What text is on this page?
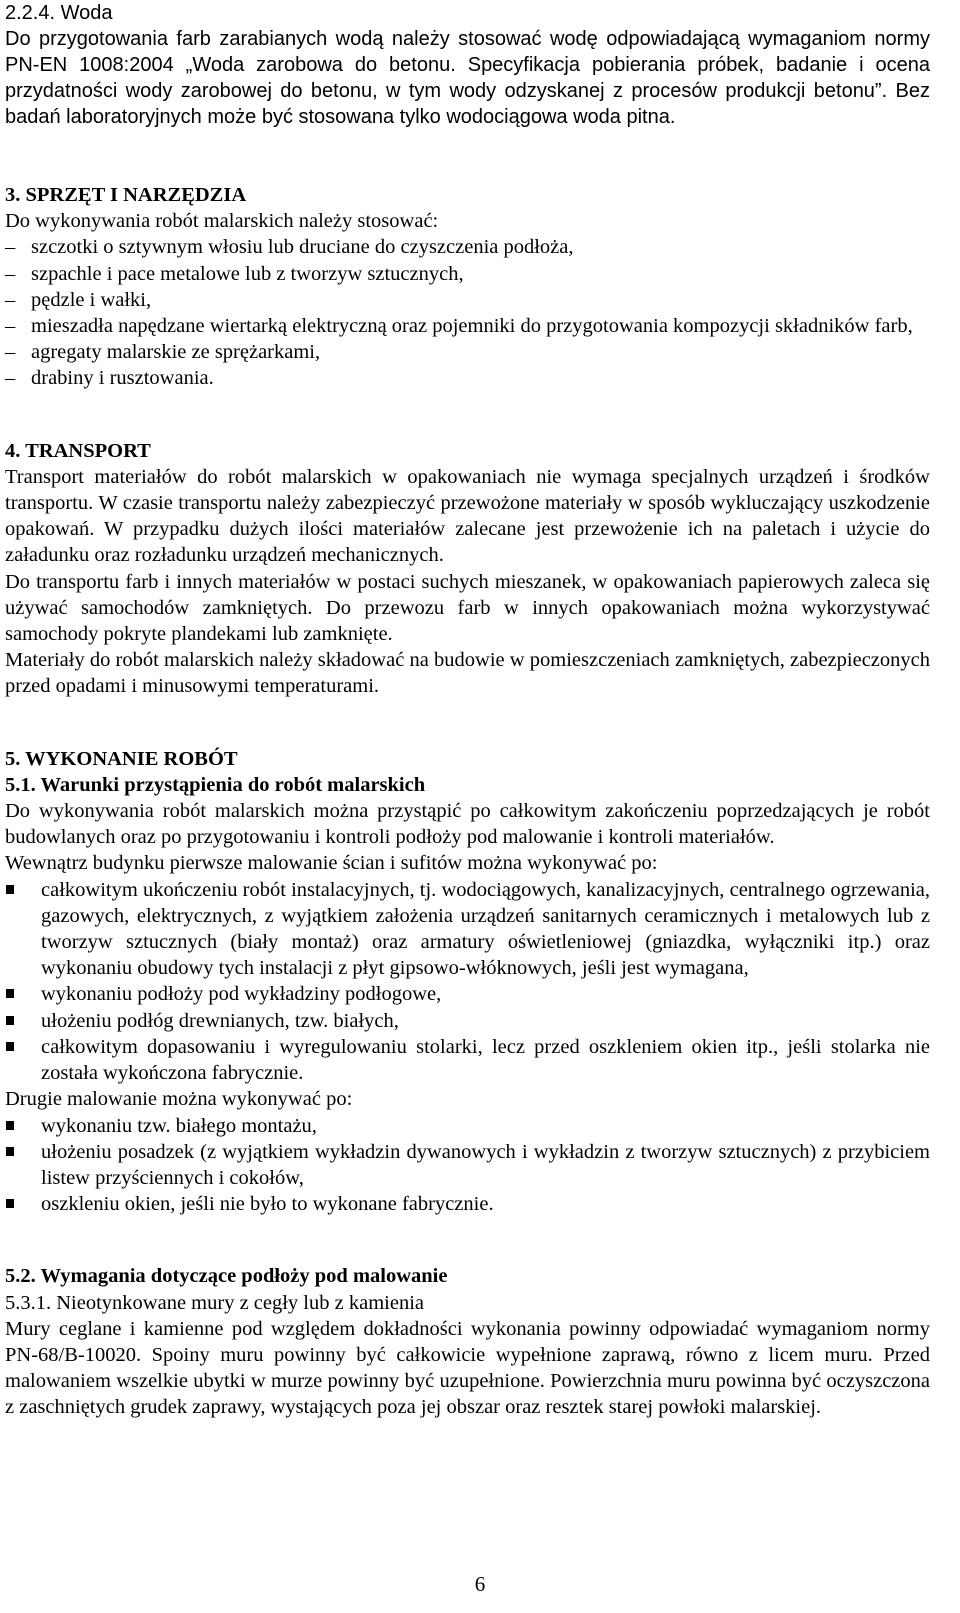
2.2.4. Woda

Do przygotowania farb zarabianych wodą należy stosować wodę odpowiadającą wymaganiom normy PN-EN 1008:2004 „Woda zarobowa do betonu. Specyfikacja pobierania próbek, badanie i ocena przydatności wody zarobowej do betonu, w tym wody odzyskanej z procesów produkcji betonu”. Bez badań laboratoryjnych może być stosowana tylko wodociągowa woda pitna.

3. SPRZĘT I NARZĘDZIA

Do wykonywania robót malarskich należy stosować:

– szczotki o sztywnym włosiu lub druciane do czyszczenia podłoża,
– szpachle i pace metalowe lub z tworzyw sztucznych,
– pędzle i wałki,
– mieszadła napędzane wiertarką elektryczną oraz pojemniki do przygotowania kompozycji składników farb,
– agregaty malarskie ze sprężarkami,
– drabiny i rusztowania.

4. TRANSPORT

Transport materiałów do robót malarskich w opakowaniach nie wymaga specjalnych urządzeń i środków transportu. W czasie transportu należy zabezpieczyć przewożone materiały w sposób wykluczający uszkodzenie opakowań. W przypadku dużych ilości materiałów zalecane jest przewożenie ich na paletach i użycie do załadunku oraz rozładunku urządzeń mechanicznych.

Do transportu farb i innych materiałów w postaci suchych mieszanek, w opakowaniach papierowych zaleca się używać samochodów zamkniętych. Do przewozu farb w innych opakowaniach można wykorzystywać samochody pokryte plandekami lub zamknięte.

Materiały do robót malarskich należy składować na budowie w pomieszczeniach zamkniętych, zabezpieczonych przed opadami i minusowymi temperaturami.

5. WYKONANIE ROBÓT

5.1. Warunki przystąpienia do robót malarskich

Do wykonywania robót malarskich można przystąpić po całkowitym zakończeniu poprzedzających je robót budowlanych oraz po przygotowaniu i kontroli podłoży pod malowanie i kontroli materiałów.

Wewnątrz budynku pierwsze malowanie ścian i sufitów można wykonywać po:

całkowitym ukończeniu robót instalacyjnych, tj. wodociągowych, kanalizacyjnych, centralnego ogrzewania, gazowych, elektrycznych, z wyjątkiem założenia urządzeń sanitarnych ceramicznych i metalowych lub z tworzyw sztucznych (biały montaż) oraz armatury oświetleniowej (gniazdka, wyłączniki itp.) oraz wykonaniu obudowy tych instalacji z płyt gipsowo-włóknowych, jeśli jest wymagana,
wykonaniu podłoży pod wykładziny podłogowe,
ułożeniu podłóg drewnianych, tzw. białych,
całkowitym dopasowaniu i wyregulowaniu stolarki, lecz przed oszkleniem okien itp., jeśli stolarka nie została wykończona fabrycznie.

Drugie malowanie można wykonywać po:

wykonaniu tzw. białego montażu,
ułożeniu posadzek (z wyjątkiem wykładzin dywanowych i wykładzin z tworzyw sztucznych) z przybiciem listew przyściennych i cokołów,
oszkleniu okien, jeśli nie było to wykonane fabrycznie.

5.2. Wymagania dotyczące podłoży pod malowanie

5.3.1. Nieotynkowane mury z cegły lub z kamienia

Mury ceglane i kamienne pod względem dokładności wykonania powinny odpowiadać wymaganiom normy PN-68/B-10020. Spoiny muru powinny być całkowicie wypełnione zaprawą, równo z licem muru. Przed malowaniem wszelkie ubytki w murze powinny być uzupełnione. Powierzchnia muru powinna być oczyszczona z zaschniętych grudek zaprawy, wystających poza jej obszar oraz resztek starej powłoki malarskiej.

6
